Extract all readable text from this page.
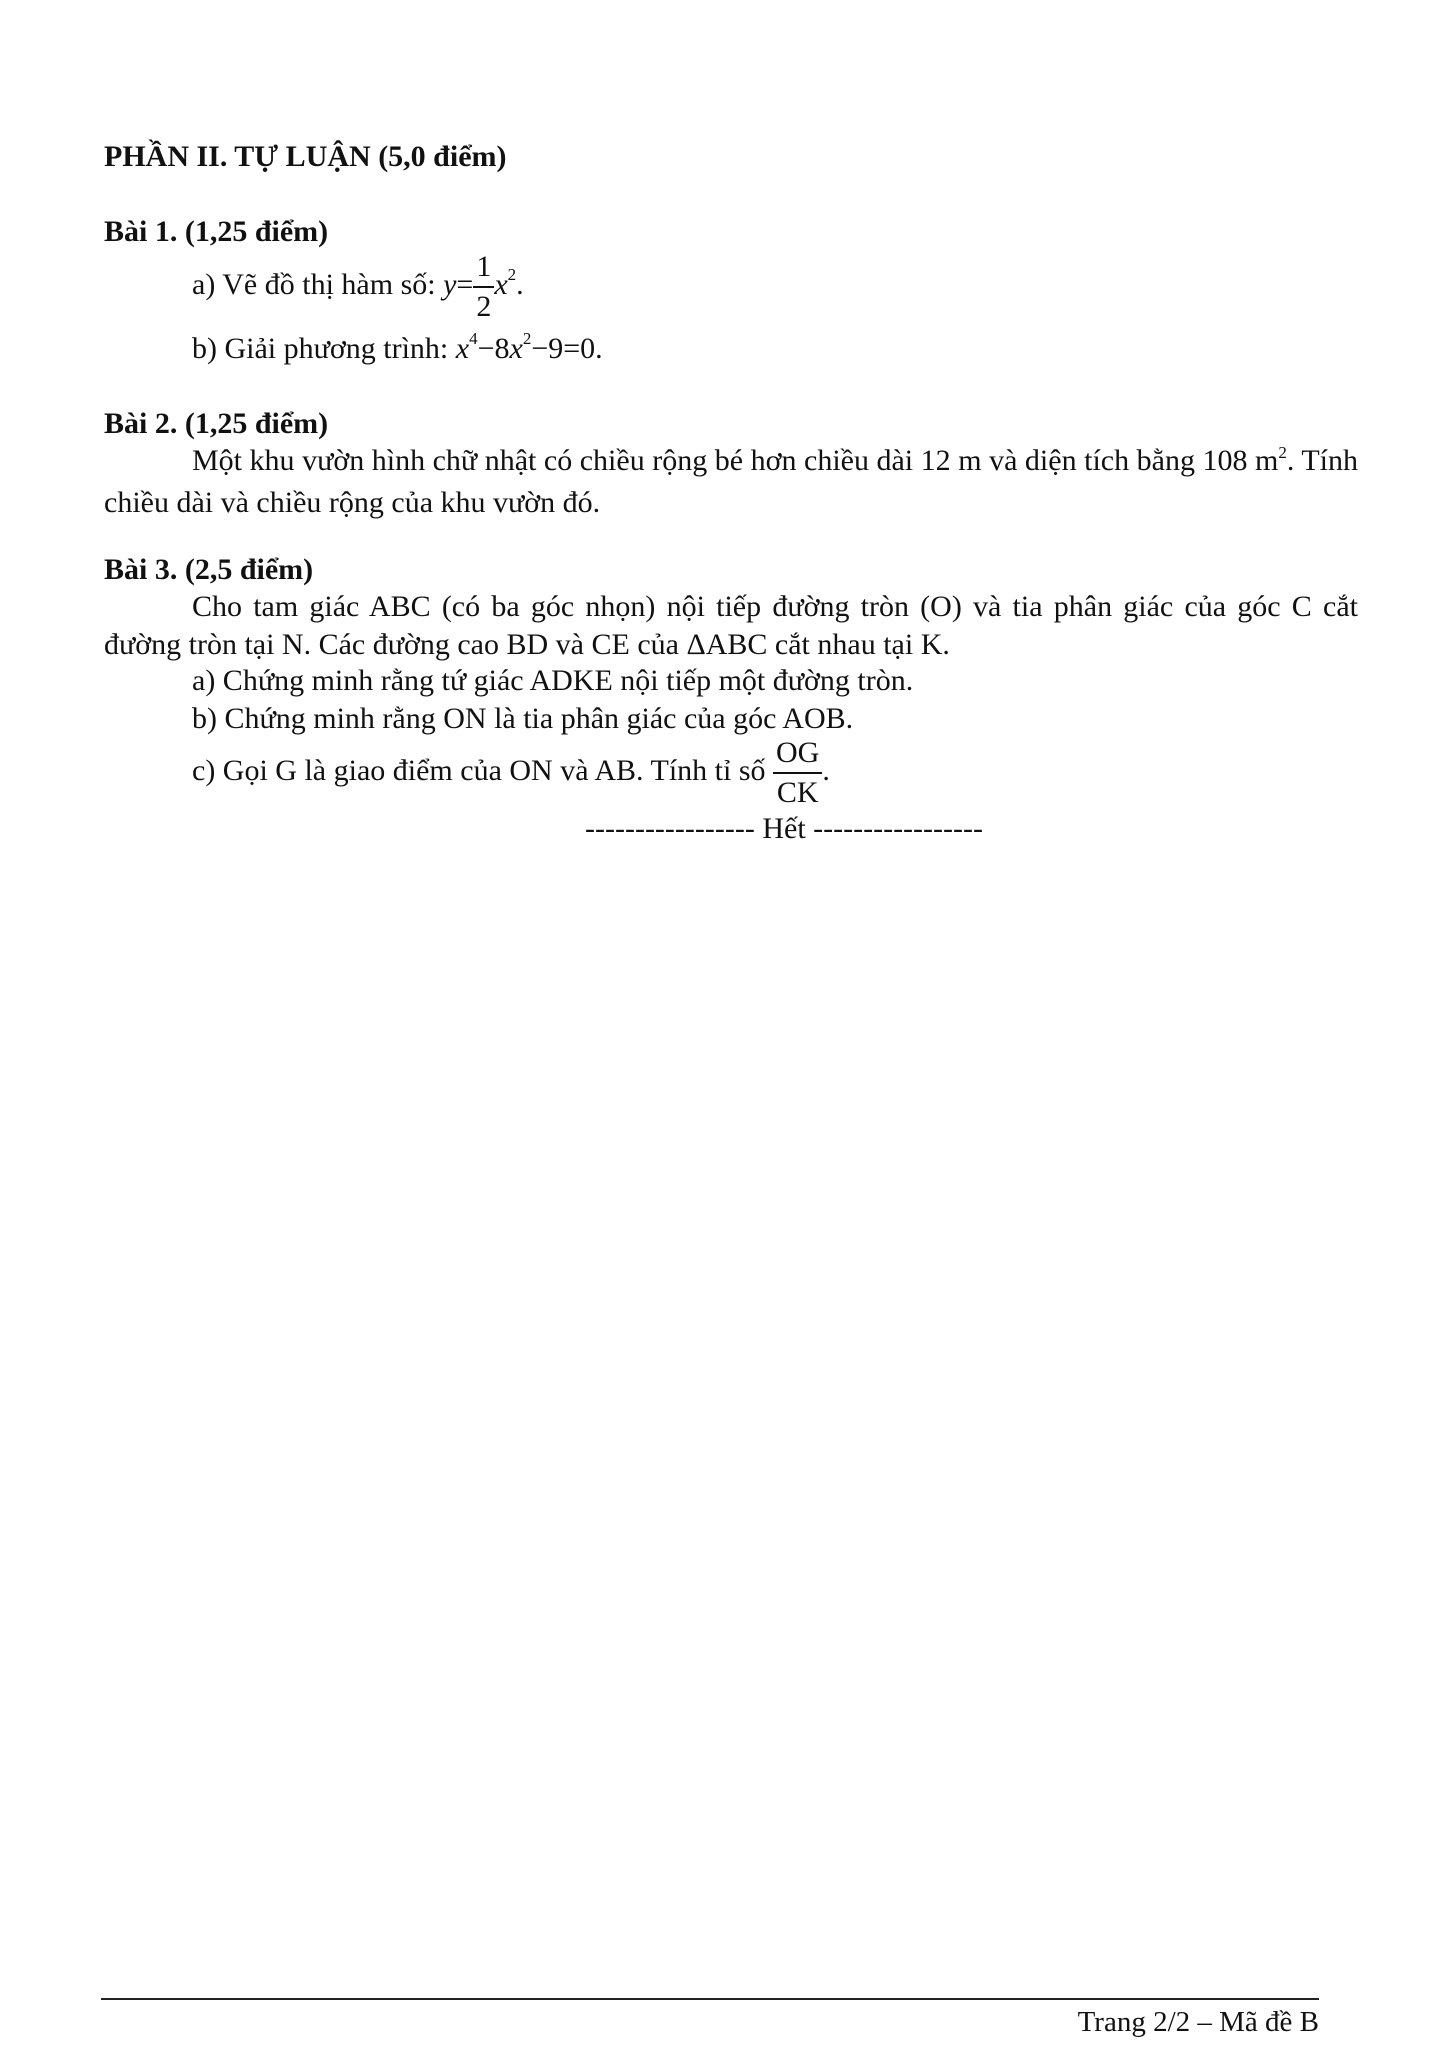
PHẦN II. TỰ LUẬN (5,0 điểm)
Bài 1. (1,25 điểm)
a) Vẽ đồ thị hàm số: $y= \frac{1}{2} x^2$.
b) Giải phương trình: $x^4-8x^2-9=0$.
Bài 2. (1,25 điểm)
Một khu vườn hình chữ nhật có chiều rộng bé hơn chiều dài 12 m và diện tích bằng 108 $m^2$. Tính chiều dài và chiều rộng của khu vườn đó.
Bài 3. (2,5 điểm)
Cho tam giác ABC (có ba góc nhọn) nội tiếp đường tròn (O) và tia phân giác của góc C cắt đường tròn tại N. Các đường cao BD và CE của ΔABC cắt nhau tại K.
a) Chứng minh rằng tứ giác ADKE nội tiếp một đường tròn.
b) Chứng minh rằng ON là tia phân giác của góc AOB.
c) Gọi G là giao điểm của ON và AB. Tính tỉ số $\frac{OG}{CK}$ .
----------------- Hết -----------------
Trang 2/2 – Mã đề B
